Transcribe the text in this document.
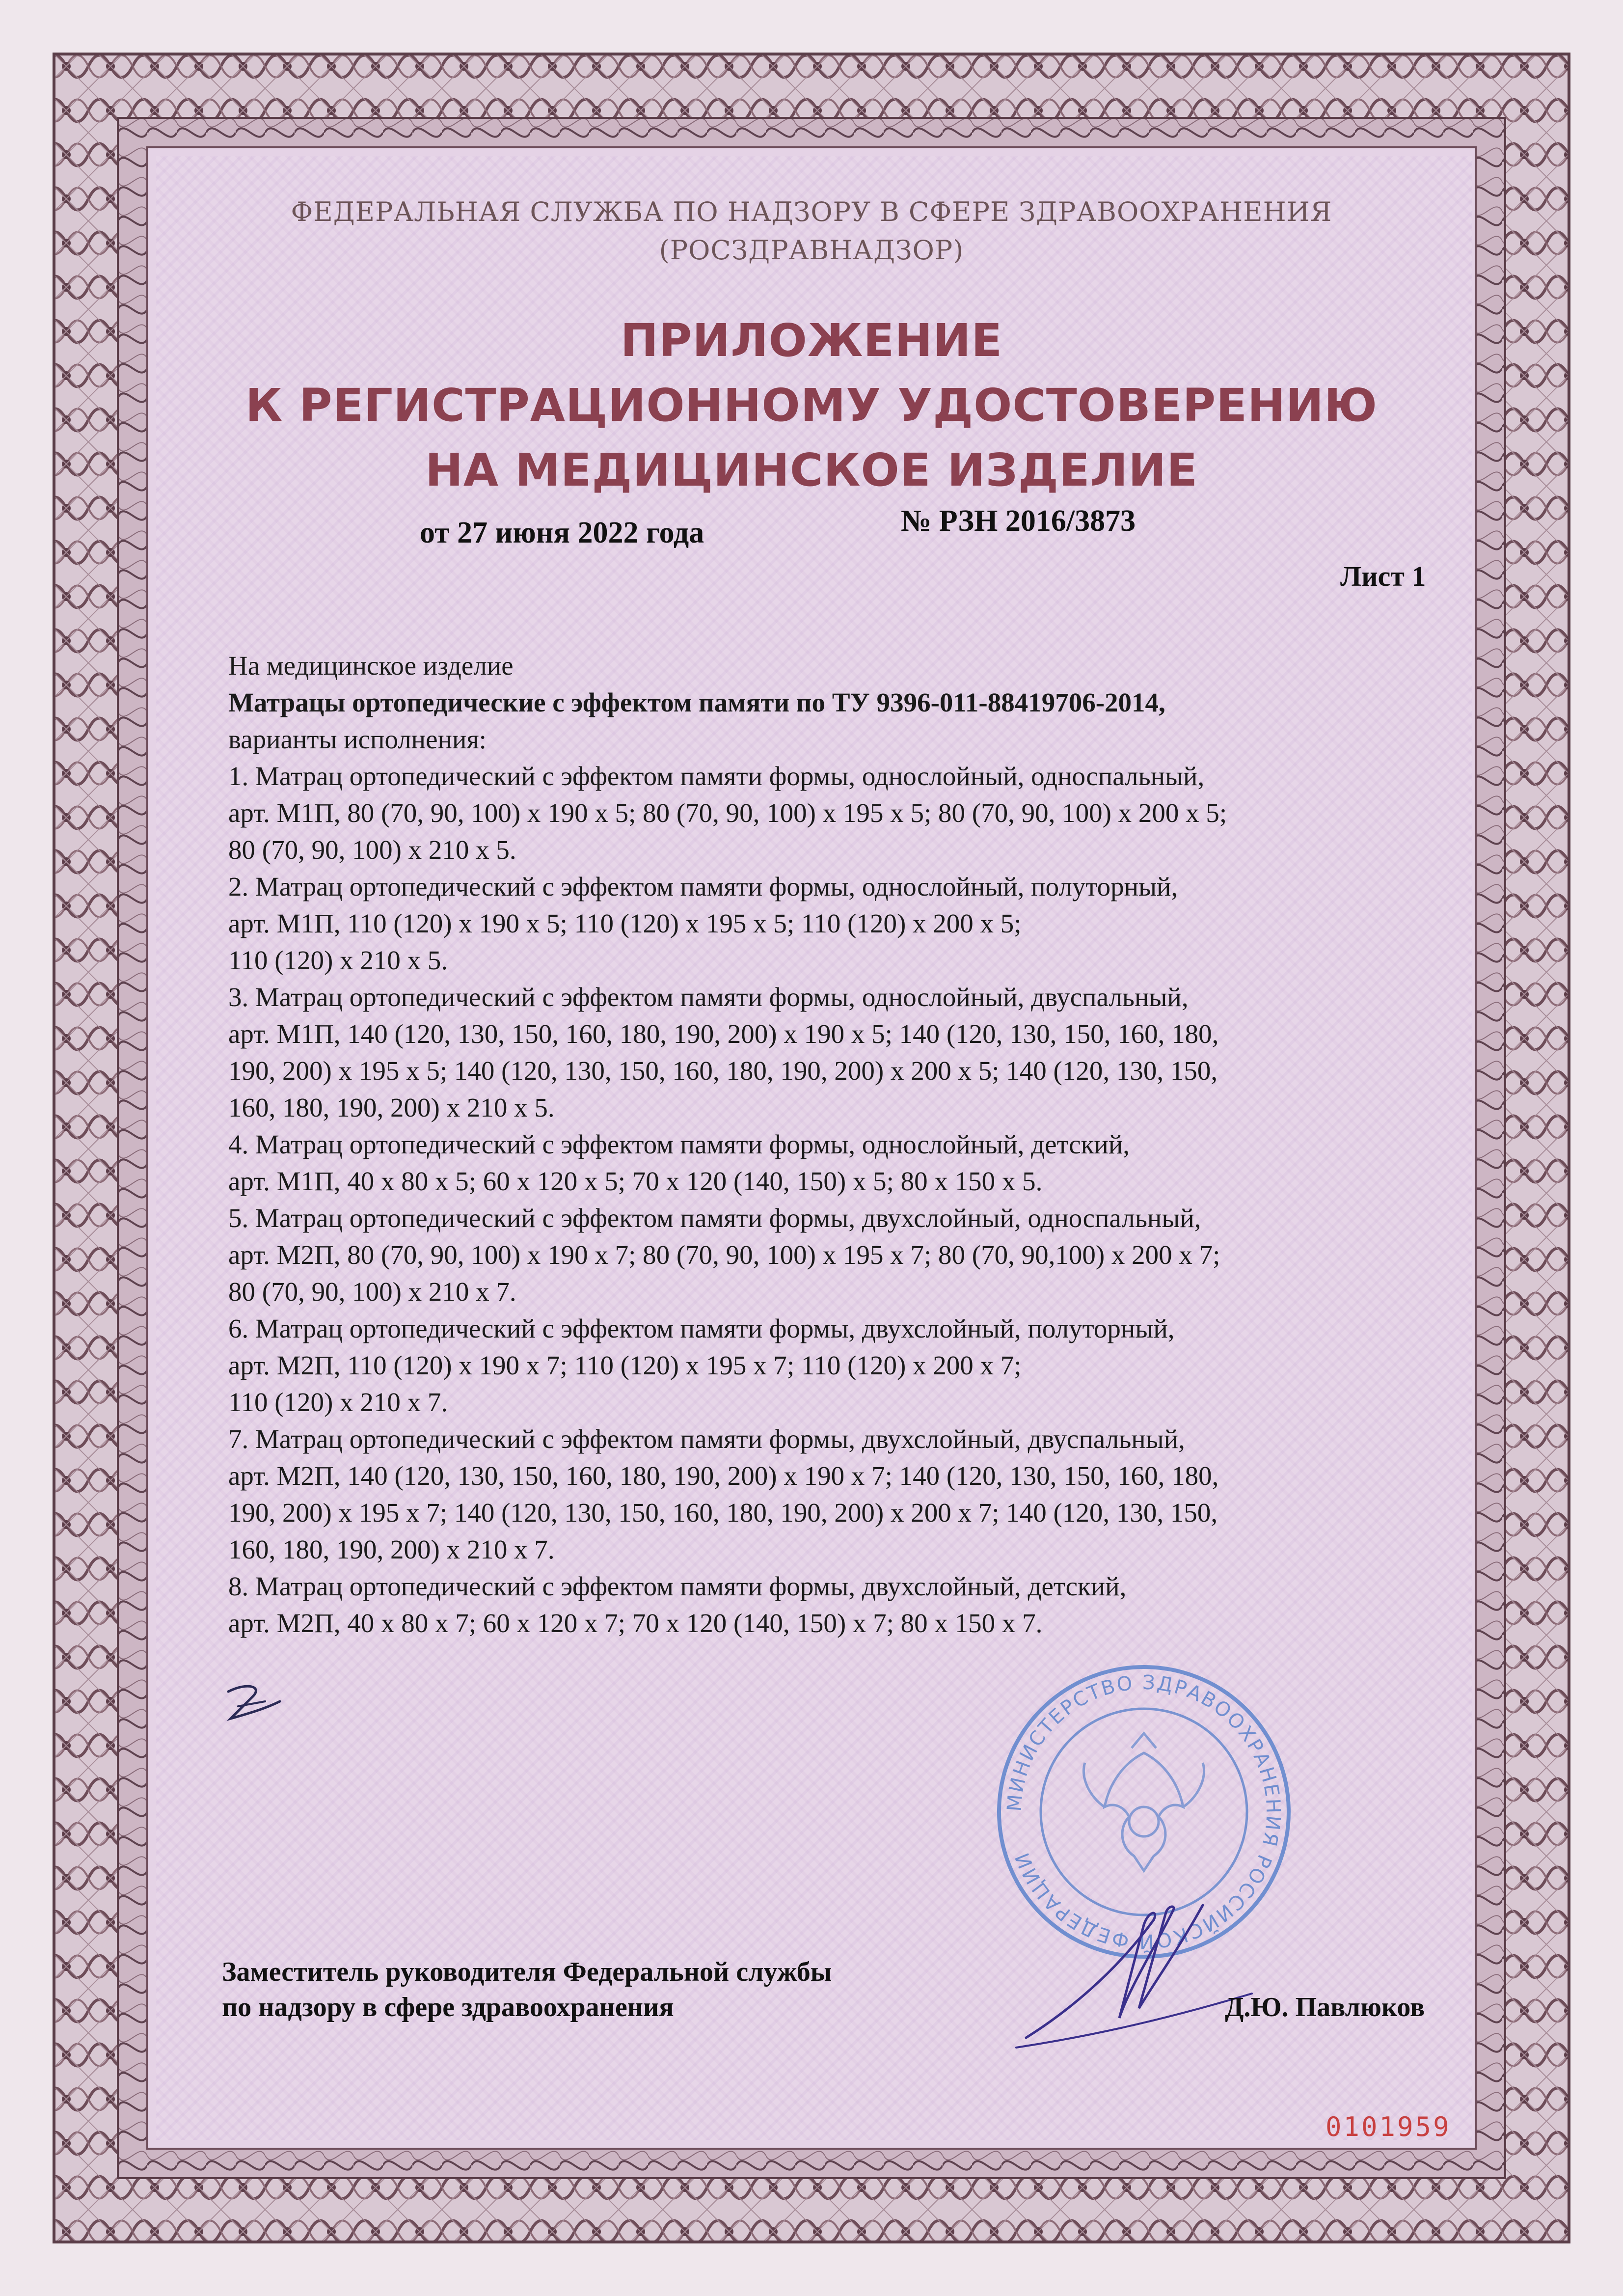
ФЕДЕРАЛЬНАЯ СЛУЖБА ПО НАДЗОРУ В СФЕРЕ ЗДРАВООХРАНЕНИЯ
(РОСЗДРАВНАДЗОР)
ПРИЛОЖЕНИЕ
К РЕГИСТРАЦИОННОМУ УДОСТОВЕРЕНИЮ
НА МЕДИЦИНСКОЕ ИЗДЕЛИЕ
от 27 июня 2022 года	№ РЗН 2016/3873
Лист 1

На медицинское изделие

Матрацы ортопедические с эффектом памяти по ТУ 9396-011-88419706-2014,

варианты исполнения:

1. Матрац ортопедический с эффектом памяти формы, однослойный, односпальный,

арт. М1П, 80 (70, 90, 100) x 190 x 5; 80 (70, 90, 100) x 195 x 5; 80 (70, 90, 100) x 200 x 5;

80 (70, 90, 100) x 210 x 5.

2. Матрац ортопедический с эффектом памяти формы, однослойный, полуторный,

арт. М1П, 110 (120) x 190 x 5; 110 (120) x 195 x 5; 110 (120) x 200 x 5;

110 (120) x 210 x 5.

3. Матрац ортопедический с эффектом памяти формы, однослойный, двуспальный,

арт. М1П, 140 (120, 130, 150, 160, 180, 190, 200) x 190 x 5; 140 (120, 130, 150, 160, 180,

190, 200) x 195 x 5; 140 (120, 130, 150, 160, 180, 190, 200) x 200 x 5; 140 (120, 130, 150,

160, 180, 190, 200) x 210 x 5.

4. Матрац ортопедический с эффектом памяти формы, однослойный, детский,

арт. М1П, 40 x 80 x 5; 60 x 120 x 5; 70 x 120 (140, 150) x 5; 80 x 150 x 5.

5. Матрац ортопедический с эффектом памяти формы, двухслойный, односпальный,

арт. М2П, 80 (70, 90, 100) x 190 x 7; 80 (70, 90, 100) x 195 x 7; 80 (70, 90,100) x 200 x 7;

80 (70, 90, 100) x 210 x 7.

6. Матрац ортопедический с эффектом памяти формы, двухслойный, полуторный,

арт. М2П, 110 (120) x 190 x 7; 110 (120) x 195 x 7; 110 (120) x 200 x 7;

110 (120) x 210 x 7.

7. Матрац ортопедический с эффектом памяти формы, двухслойный, двуспальный,

арт. М2П, 140 (120, 130, 150, 160, 180, 190, 200) x 190 x 7; 140 (120, 130, 150, 160, 180,

190, 200) x 195 x 7; 140 (120, 130, 150, 160, 180, 190, 200) x 200 x 7; 140 (120, 130, 150,

160, 180, 190, 200) x 210 x 7.

8. Матрац ортопедический с эффектом памяти формы, двухслойный, детский,

арт. М2П, 40 x 80 x 7; 60 x 120 x 7; 70 x 120 (140, 150) x 7; 80 x 150 x 7.

МИНИСТЕРСТВО ЗДРАВООХРАНЕНИЯ РОССИЙСКОЙ ФЕДЕРАЦИИ
Заместитель руководителя Федеральной службы
по надзору в сфере здравоохранения	Д.Ю. Павлюков
0101959
